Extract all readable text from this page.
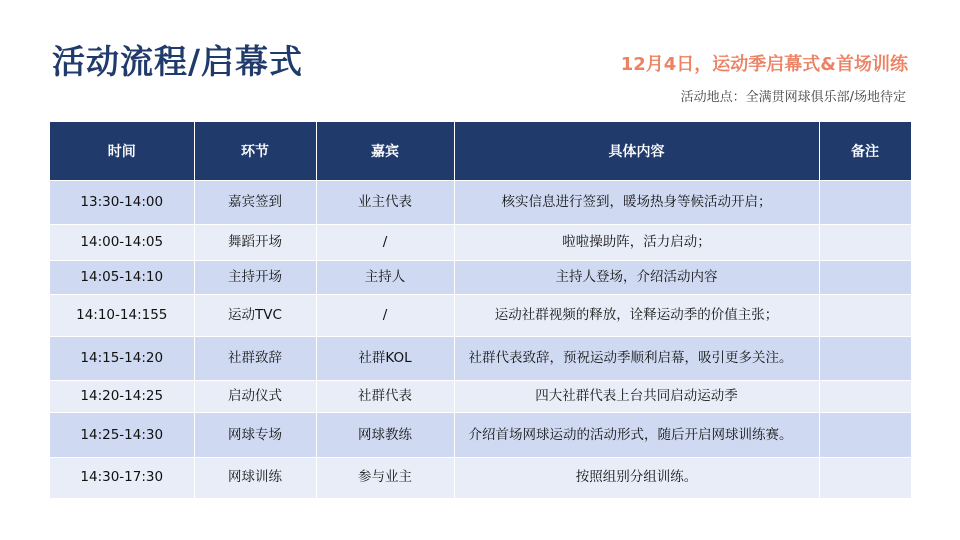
活动流程/启幕式	12月4日，运动季启幕式&首场训练
活动地点：全满贯网球俱乐部/场地待定
时间	环节	嘉宾	具体内容	备注
13:30-14:00	嘉宾签到	业主代表	核实信息进行签到，暖场热身等候活动开启；	
14:00-14:05	舞蹈开场	/	啦啦操助阵，活力启动；	
14:05-14:10	主持开场	主持人	主持人登场，介绍活动内容	
14:10-14:155	运动TVC	/	运动社群视频的释放，诠释运动季的价值主张；	
14:15-14:20	社群致辞	社群KOL	社群代表致辞，预祝运动季顺利启幕，吸引更多关注。	
14:20-14:25	启动仪式	社群代表	四大社群代表上台共同启动运动季	
14:25-14:30	网球专场	网球教练	介绍首场网球运动的活动形式，随后开启网球训练赛。	
14:30-17:30	网球训练	参与业主	按照组别分组训练。	
